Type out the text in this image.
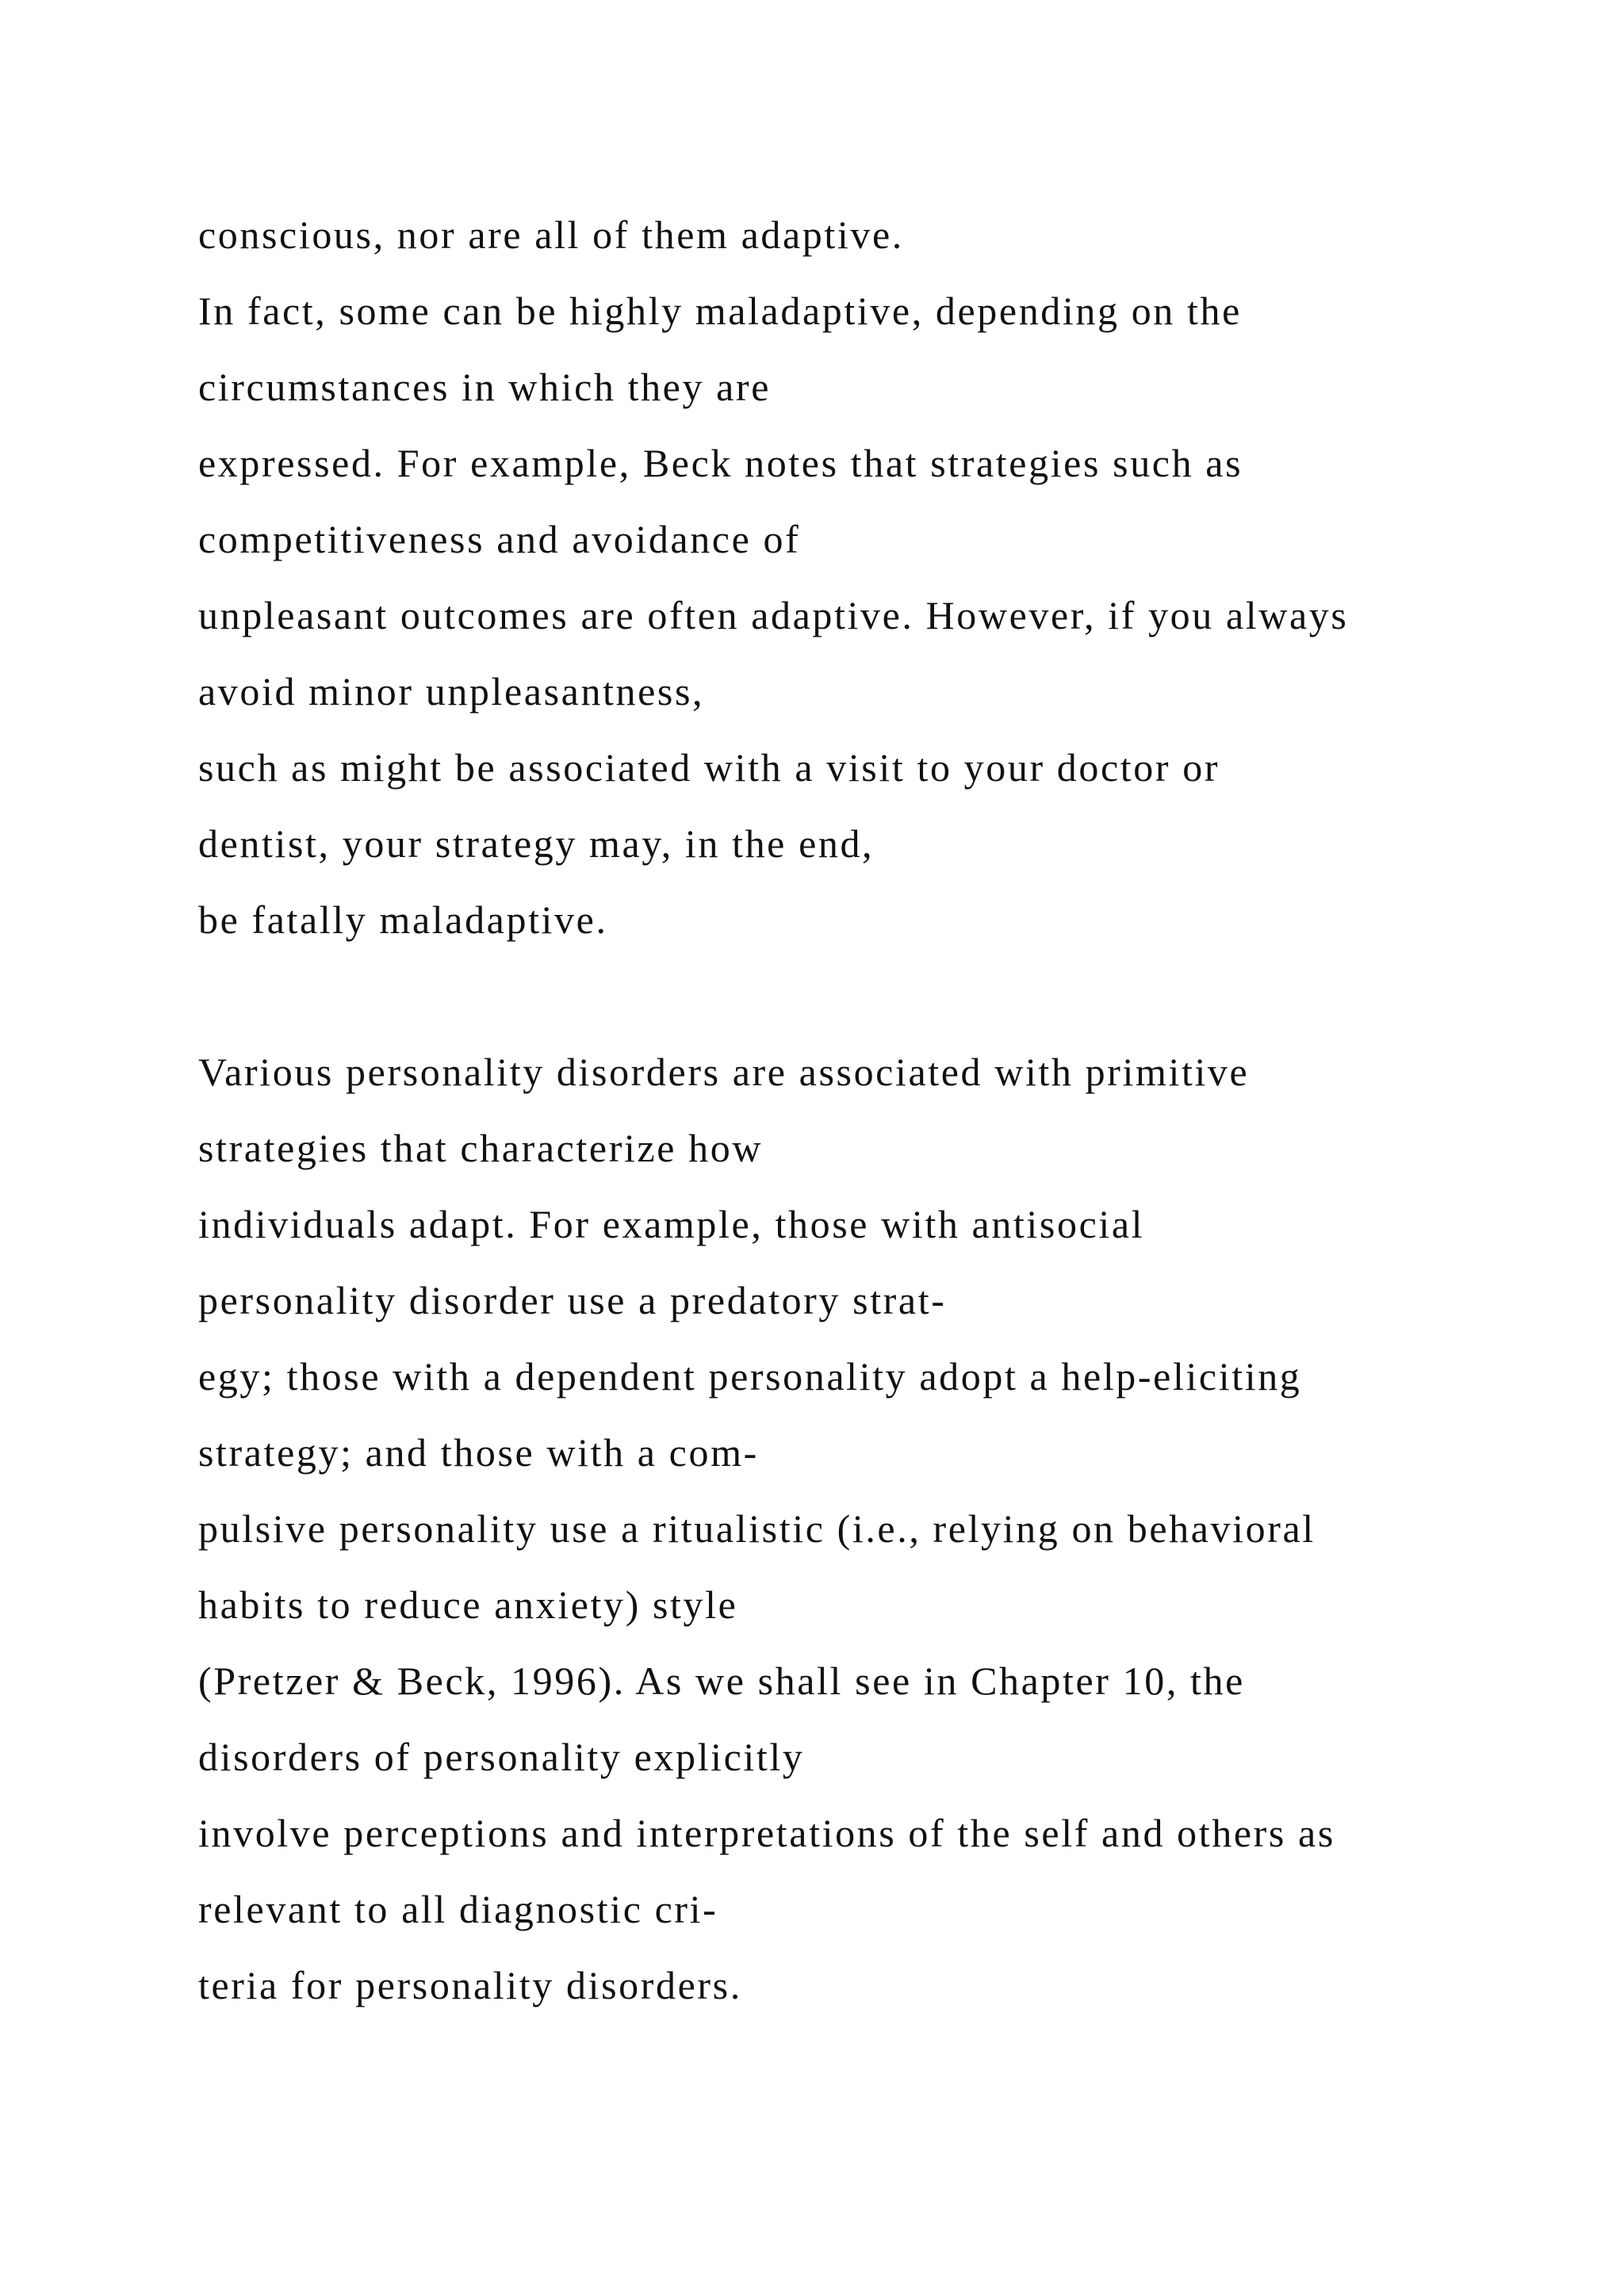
conscious, nor are all of them adaptive.
In fact, some can be highly maladaptive, depending on the
circumstances in which they are
expressed. For example, Beck notes that strategies such as
competitiveness and avoidance of
unpleasant outcomes are often adaptive. However, if you always
avoid minor unpleasantness,
such as might be associated with a visit to your doctor or
dentist, your strategy may, in the end,
be fatally maladaptive.
Various personality disorders are associated with primitive
strategies that characterize how
individuals adapt. For example, those with antisocial
personality disorder use a predatory strat-
egy; those with a dependent personality adopt a help-eliciting
strategy; and those with a com-
pulsive personality use a ritualistic (i.e., relying on behavioral
habits to reduce anxiety) style
(Pretzer & Beck, 1996). As we shall see in Chapter 10, the
disorders of personality explicitly
involve perceptions and interpretations of the self and others as
relevant to all diagnostic cri-
teria for personality disorders.
